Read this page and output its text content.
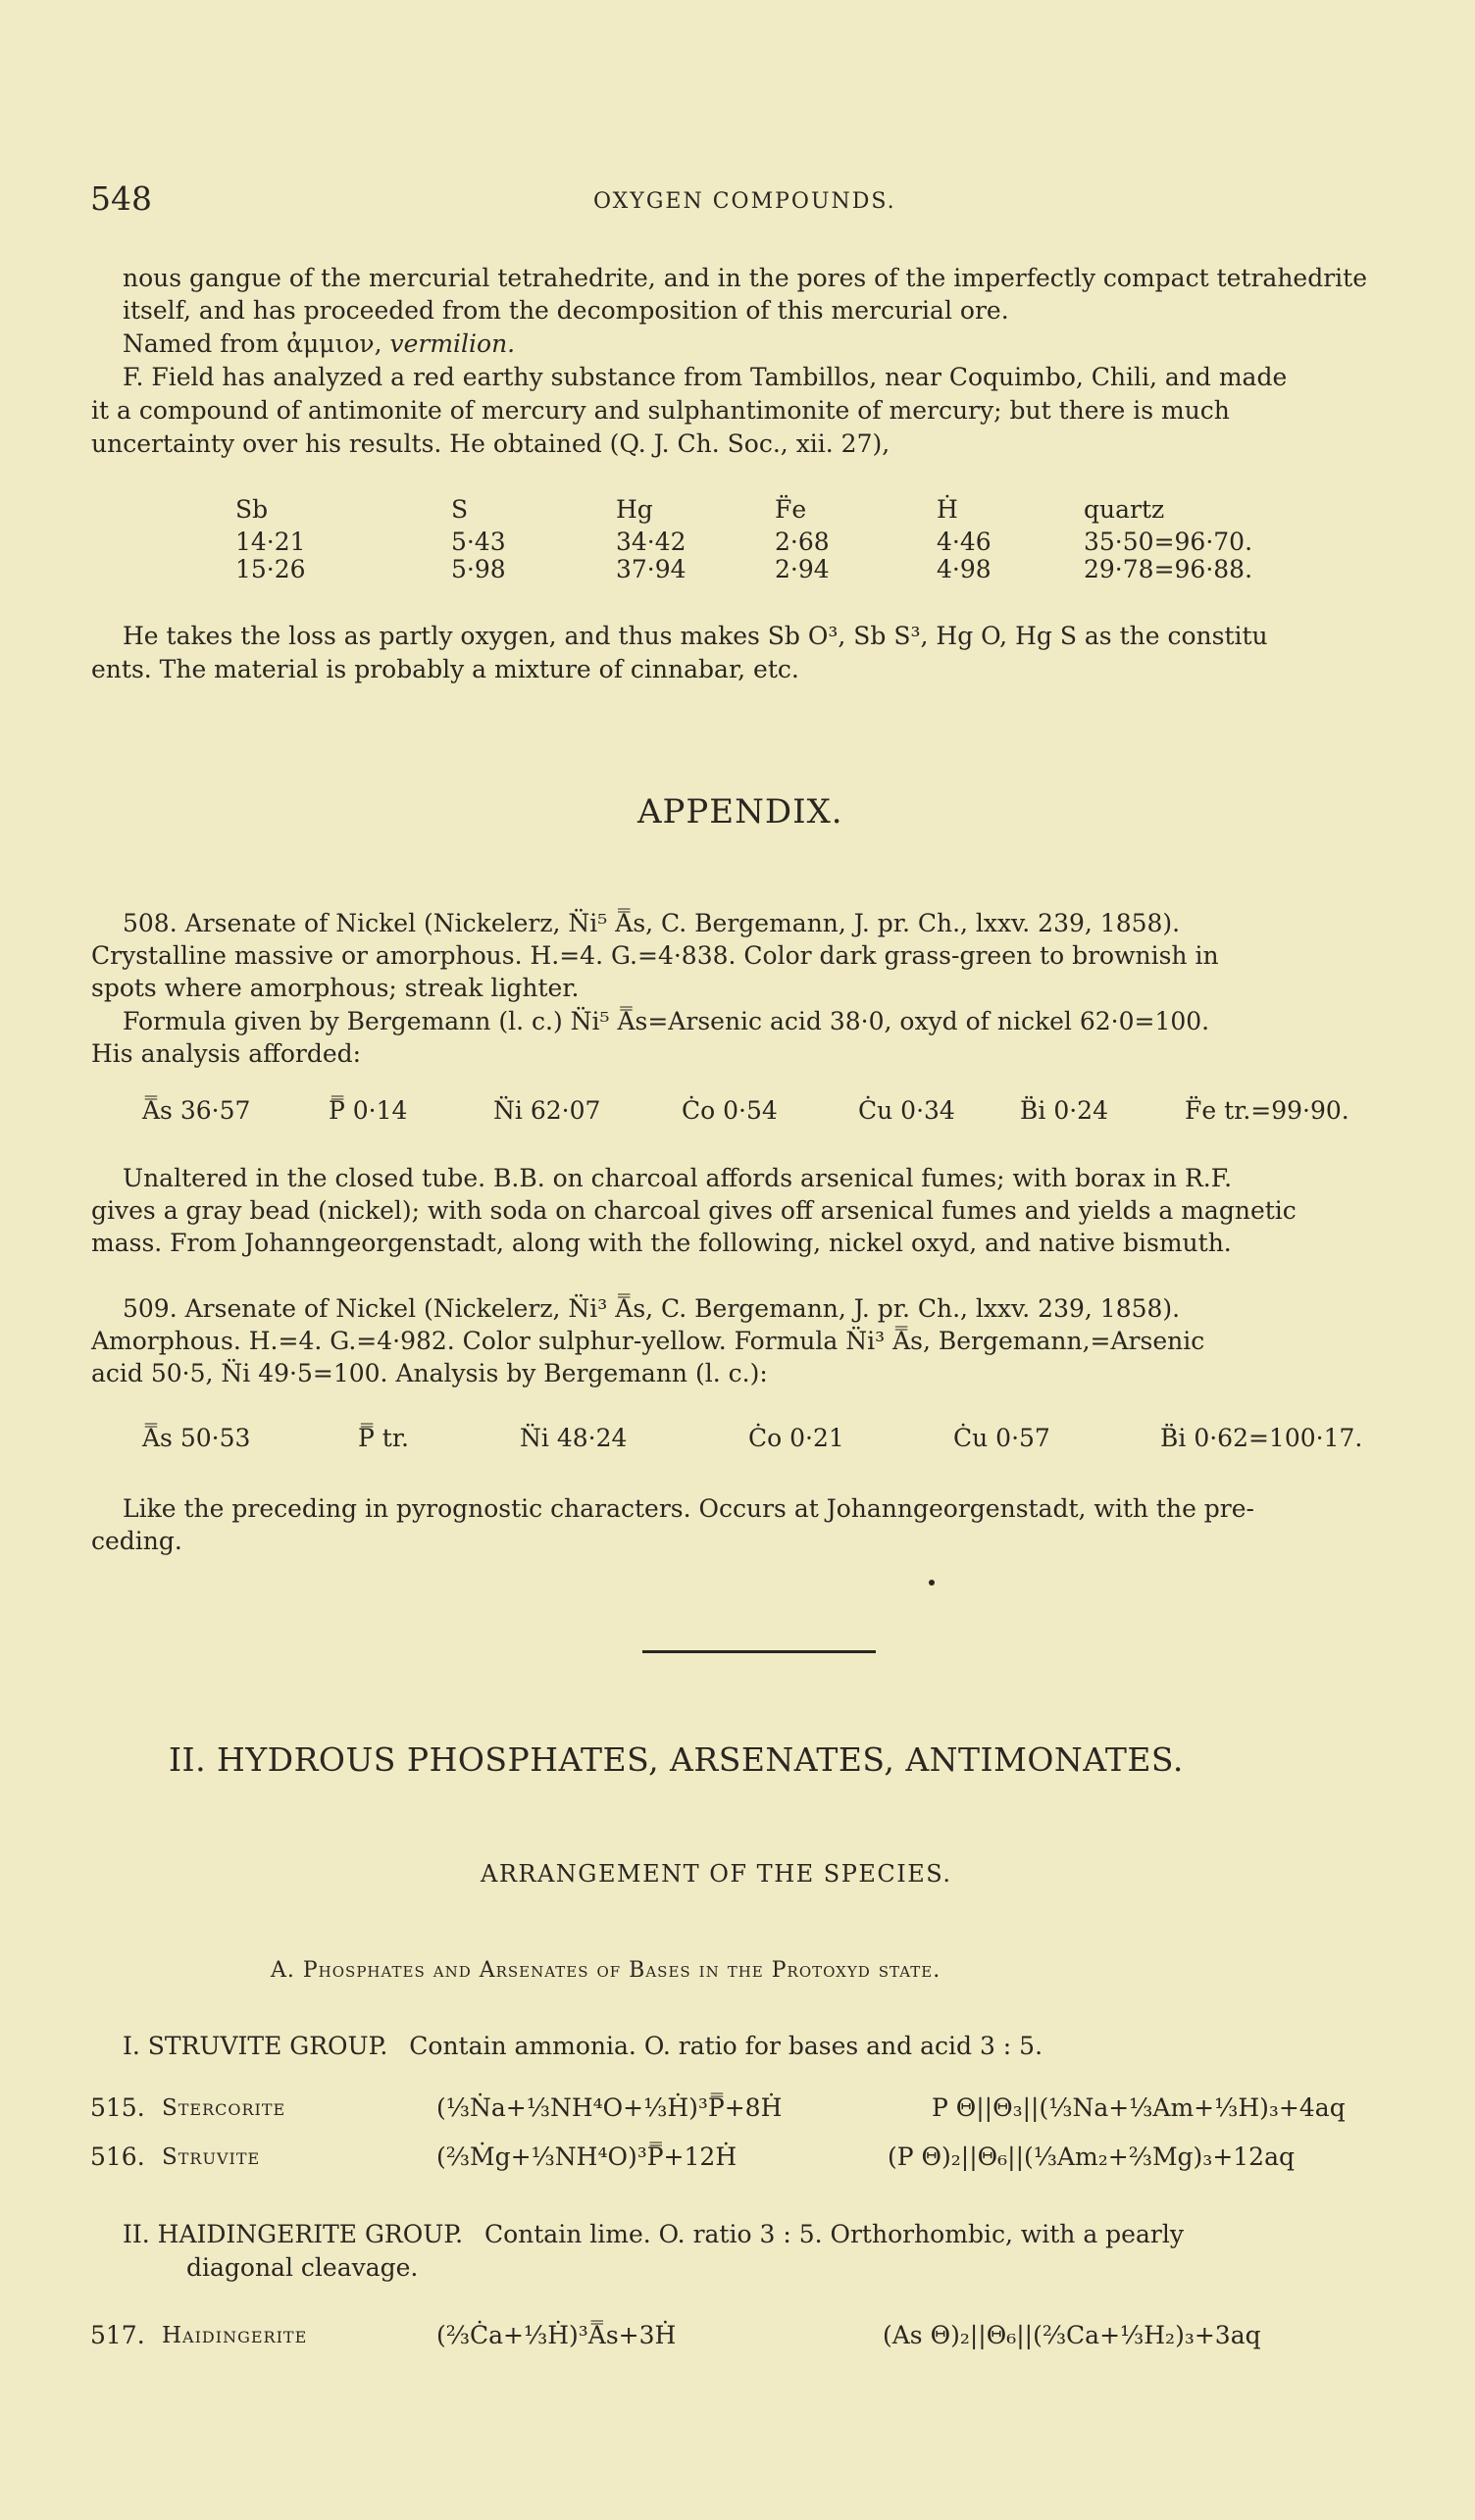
548	OXYGEN COMPOUNDS.
nous gangue of the mercurial tetrahedrite, and in the pores of the imperfectly compact tetrahedrite
itself, and has proceeded from the decomposition of this mercurial ore.
Named from ἀμμιον, vermilion.
F. Field has analyzed a red earthy substance from Tambillos, near Coquimbo, Chili, and made
it a compound of antimonite of mercury and sulphantimonite of mercury; but there is much
uncertainty over his results. He obtained (Q. J. Ch. Soc., xii. 27),
Sb	S	Hg	F̈e	Ḣ	quartz
14·21	5·43	34·42	2·68	4·46	35·50=96·70.
15·26	5·98	37·94	2·94	4·98	29·78=96·88.
He takes the loss as partly oxygen, and thus makes Sb O³, Sb S³, Hg O, Hg S as the constitu
ents. The material is probably a mixture of cinnabar, etc.
APPENDIX.
508. Arsenate of Nickel (Nickelerz, N̈i⁵ A̿s, C. Bergemann, J. pr. Ch., lxxv. 239, 1858).
Crystalline massive or amorphous. H.=4. G.=4·838. Color dark grass-green to brownish in
spots where amorphous; streak lighter.
Formula given by Bergemann (l. c.) N̈i⁵ A̿s=Arsenic acid 38·0, oxyd of nickel 62·0=100.
His analysis afforded:
A̿s 36·57	P̿ 0·14	N̈i 62·07	Ċo 0·54	Ċu 0·34	B̈i 0·24	F̈e tr.=99·90.
Unaltered in the closed tube. B.B. on charcoal affords arsenical fumes; with borax in R.F.
gives a gray bead (nickel); with soda on charcoal gives off arsenical fumes and yields a magnetic
mass. From Johanngeorgenstadt, along with the following, nickel oxyd, and native bismuth.
509. Arsenate of Nickel (Nickelerz, N̈i³ A̿s, C. Bergemann, J. pr. Ch., lxxv. 239, 1858).
Amorphous. H.=4. G.=4·982. Color sulphur-yellow. Formula N̈i³ A̿s, Bergemann,=Arsenic
acid 50·5, N̈i 49·5=100. Analysis by Bergemann (l. c.):
A̿s 50·53	P̿ tr.	N̈i 48·24	Ċo 0·21	Ċu 0·57	B̈i 0·62=100·17.
Like the preceding in pyrognostic characters. Occurs at Johanngeorgenstadt, with the pre-
ceding.
II. HYDROUS PHOSPHATES, ARSENATES, ANTIMONATES.
ARRANGEMENT OF THE SPECIES.
A. Phosphates and Arsenates of Bases in the Protoxyd state.
I. STRUVITE GROUP. Contain ammonia. O. ratio for bases and acid 3 : 5.
515. Stercorite	(⅓Ṅa+⅓NH⁴O+⅓Ḣ)³P̿+8Ḣ	P Θ||Θ₃||(⅓Na+⅓Am+⅓H)₃+4aq
516. Struvite	(⅔Ṁg+⅓NH⁴O)³P̿+12Ḣ	(P Θ)₂||Θ₆||(⅓Am₂+⅔Mg)₃+12aq
II. HAIDINGERITE GROUP. Contain lime. O. ratio 3 : 5. Orthorhombic, with a pearly
diagonal cleavage.
517. Haidingerite	(⅔Ċa+⅓Ḣ)³A̿s+3Ḣ	(As Θ)₂||Θ₆||(⅔Ca+⅓H₂)₃+3aq
